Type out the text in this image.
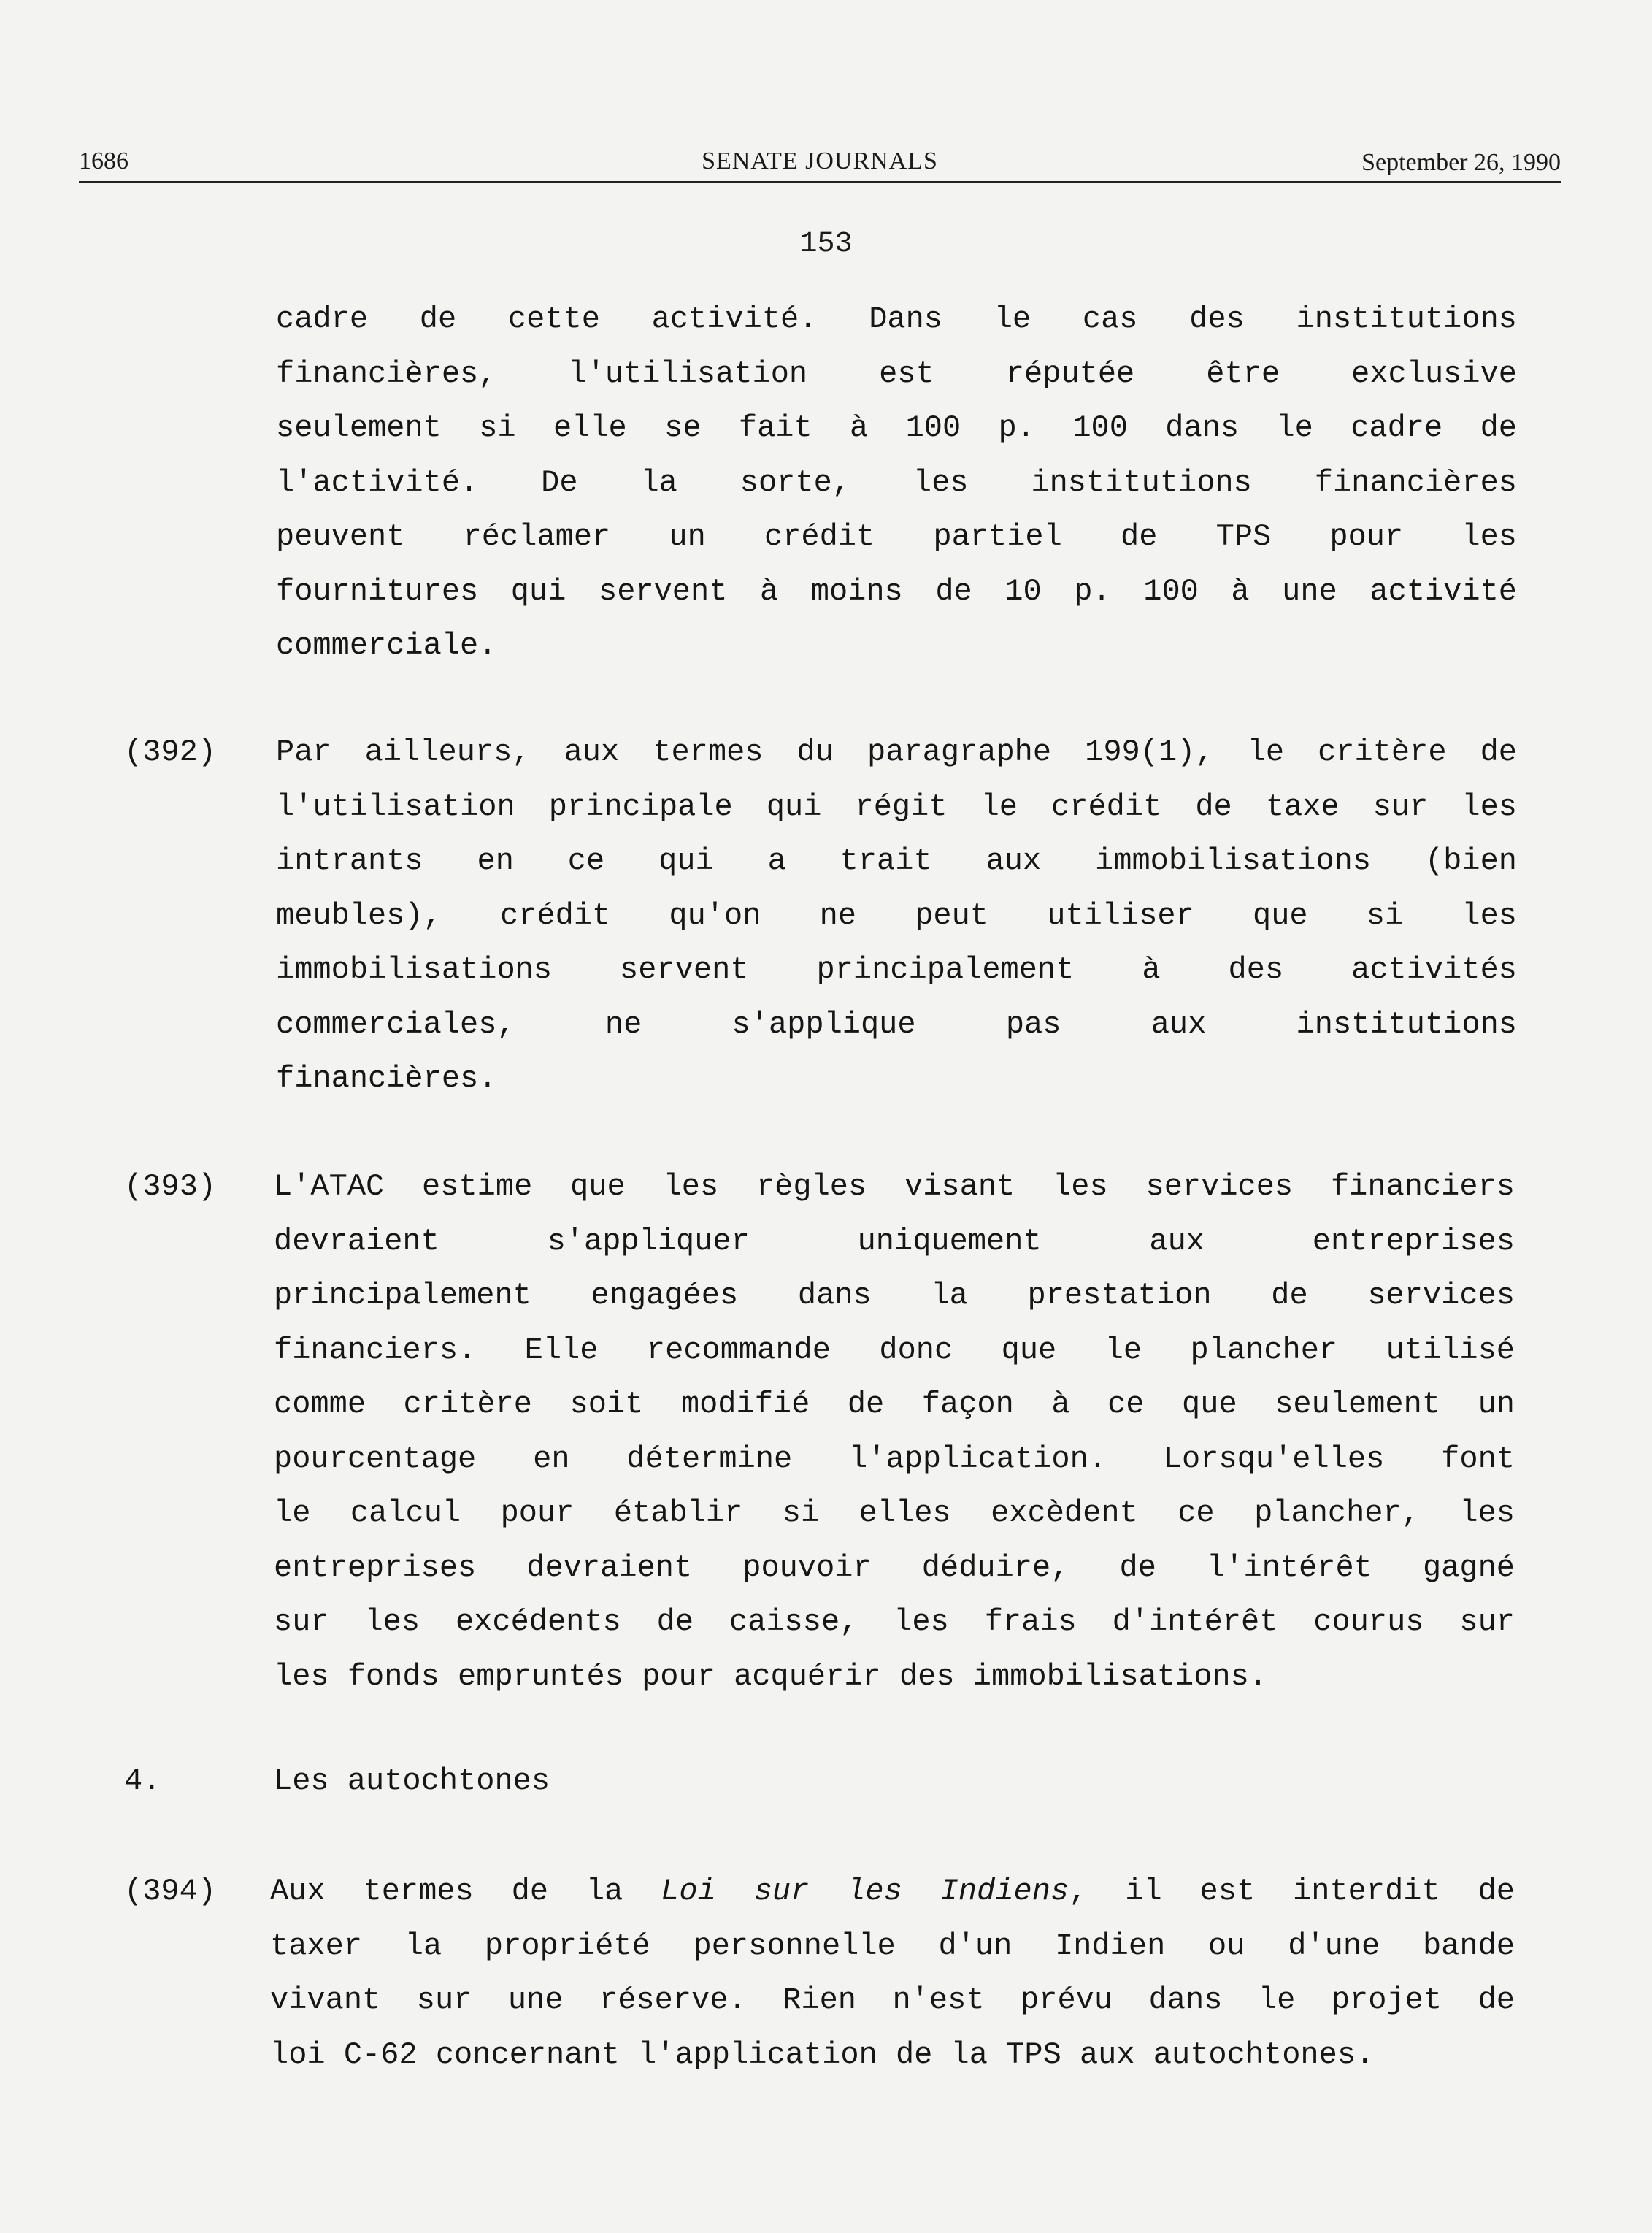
1686	SENATE JOURNALS	September 26, 1990
153
cadre de cette activité. Dans le cas des institutions
financières, l'utilisation est réputée être exclusive
seulement si elle se fait à 100 p. 100 dans le cadre de
l'activité. De la sorte, les institutions financières
peuvent réclamer un crédit partiel de TPS pour les
fournitures qui servent à moins de 10 p. 100 à une activité
commerciale.
(392) Par ailleurs, aux termes du paragraphe 199(1), le critère de
l'utilisation principale qui régit le crédit de taxe sur les
intrants en ce qui a trait aux immobilisations (bien
meubles), crédit qu'on ne peut utiliser que si les
immobilisations servent principalement à des activités
commerciales, ne s'applique pas aux institutions
financières.
(393) L'ATAC estime que les règles visant les services financiers
devraient s'appliquer uniquement aux entreprises
principalement engagées dans la prestation de services
financiers. Elle recommande donc que le plancher utilisé
comme critère soit modifié de façon à ce que seulement un
pourcentage en détermine l'application. Lorsqu'elles font
le calcul pour établir si elles excèdent ce plancher, les
entreprises devraient pouvoir déduire, de l'intérêt gagné
sur les excédents de caisse, les frais d'intérêt courus sur
les fonds empruntés pour acquérir des immobilisations.
4.	Les autochtones
(394) Aux termes de la Loi sur les Indiens, il est interdit de
taxer la propriété personnelle d'un Indien ou d'une bande
vivant sur une réserve. Rien n'est prévu dans le projet de
loi C-62 concernant l'application de la TPS aux autochtones.
